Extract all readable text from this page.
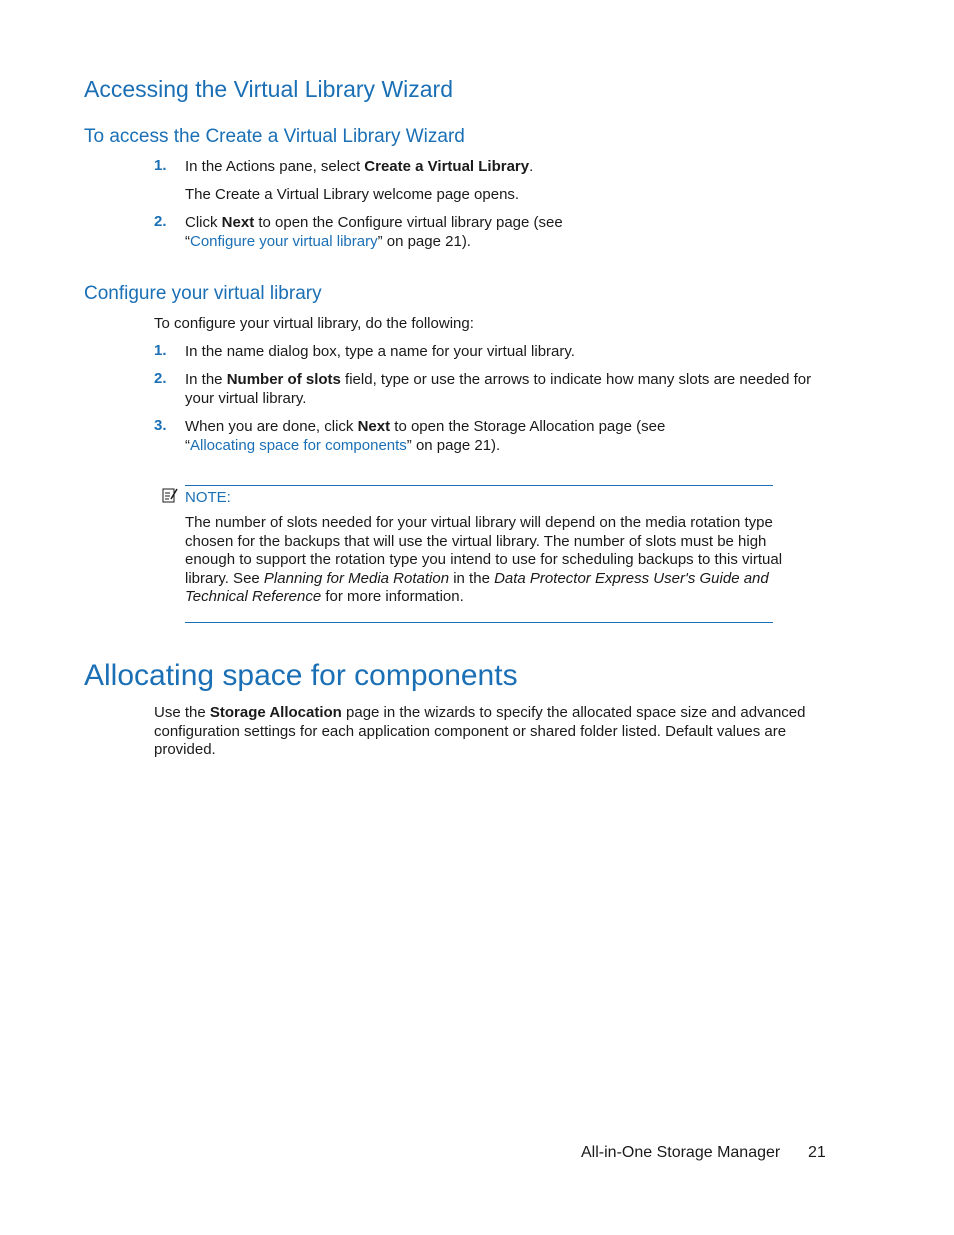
Accessing the Virtual Library Wizard
To access the Create a Virtual Library Wizard
1. In the Actions pane, select Create a Virtual Library.

The Create a Virtual Library welcome page opens.

2. Click Next to open the Configure virtual library page (see
“Configure your virtual library” on page 21).

Configure your virtual library

To configure your virtual library, do the following:

1. In the name dialog box, type a name for your virtual library.

2. In the Number of slots field, type or use the arrows to indicate how many slots are needed for
your virtual library.

3. When you are done, click Next to open the Storage Allocation page (see
“Allocating space for components” on page 21).

NOTE:

The number of slots needed for your virtual library will depend on the media rotation type
chosen for the backups that will use the virtual library. The number of slots must be high
enough to support the rotation type you intend to use for scheduling backups to this virtual
library. See Planning for Media Rotation in the Data Protector Express User's Guide and
Technical Reference for more information.

Allocating space for components

Use the Storage Allocation page in the wizards to specify the allocated space size and advanced
configuration settings for each application component or shared folder listed. Default values are
provided.

All-in-One Storage Manager 21
